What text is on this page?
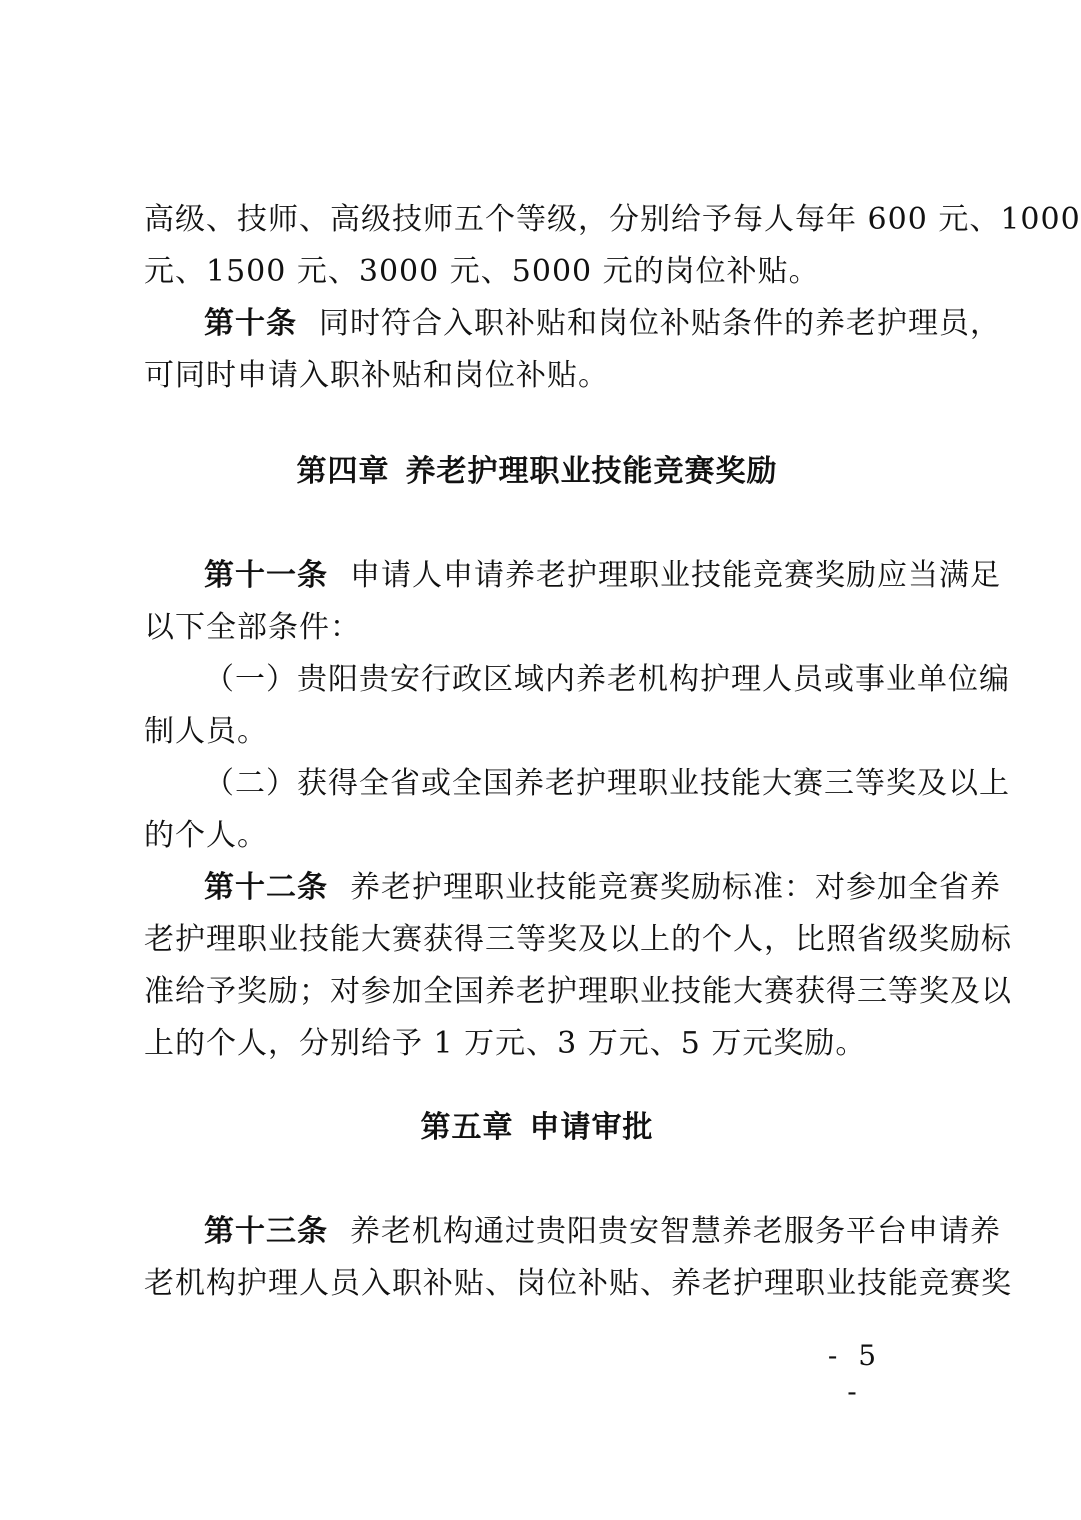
高级、技师、高级技师五个等级，分别给予每人每年 600 元、1000
元、1500 元、3000 元、5000 元的岗位补贴。
第十条 同时符合入职补贴和岗位补贴条件的养老护理员，
可同时申请入职补贴和岗位补贴。
第四章 养老护理职业技能竞赛奖励
第十一条 申请人申请养老护理职业技能竞赛奖励应当满足
以下全部条件：
（一）贵阳贵安行政区域内养老机构护理人员或事业单位编
制人员。
（二）获得全省或全国养老护理职业技能大赛三等奖及以上
的个人。
第十二条 养老护理职业技能竞赛奖励标准：对参加全省养
老护理职业技能大赛获得三等奖及以上的个人，比照省级奖励标
准给予奖励；对参加全国养老护理职业技能大赛获得三等奖及以
上的个人，分别给予 1 万元、3 万元、5 万元奖励。
第五章 申请审批
第十三条 养老机构通过贵阳贵安智慧养老服务平台申请养
老机构护理人员入职补贴、岗位补贴、养老护理职业技能竞赛奖
- 5 -
